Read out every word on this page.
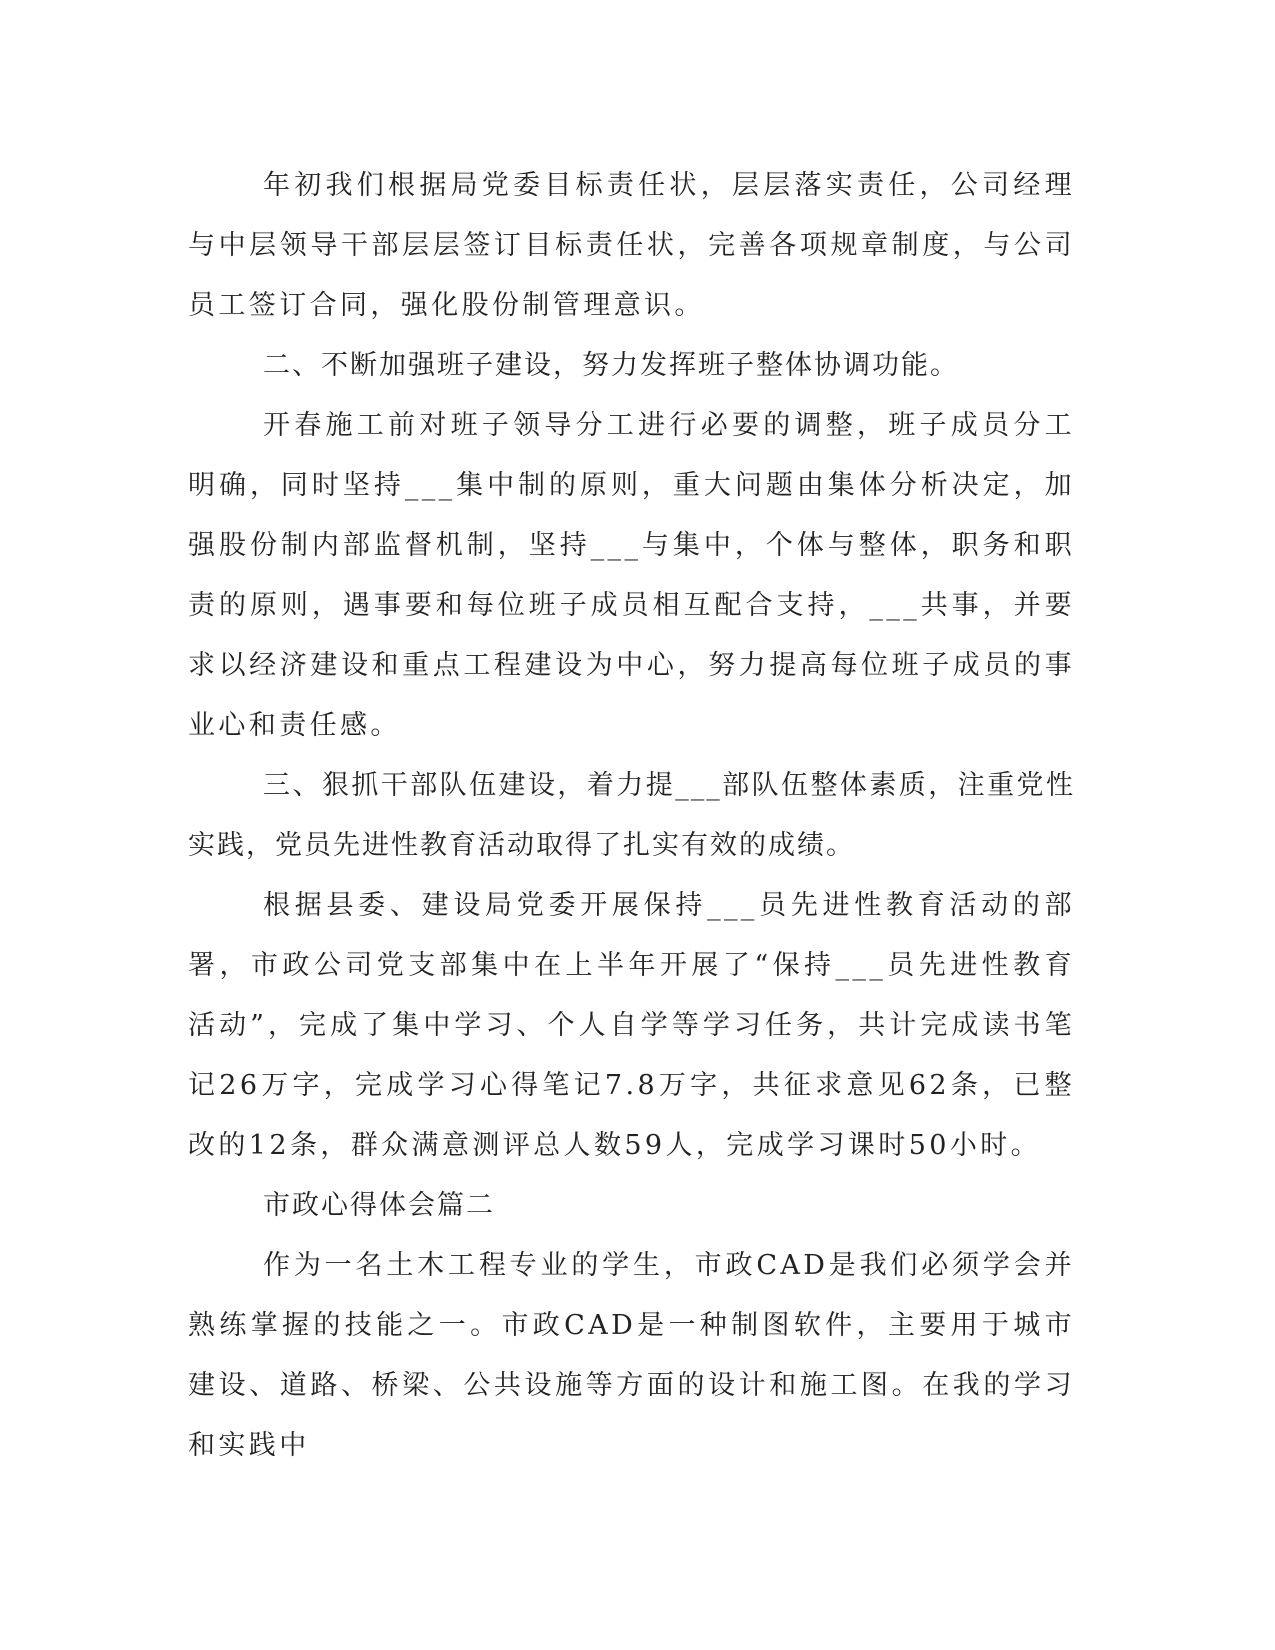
年初我们根据局党委目标责任状，层层落实责任，公司经理与中层领导干部层层签订目标责任状，完善各项规章制度，与公司员工签订合同，强化股份制管理意识。

二、不断加强班子建设，努力发挥班子整体协调功能。

开春施工前对班子领导分工进行必要的调整，班子成员分工明确，同时坚持___集中制的原则，重大问题由集体分析决定，加强股份制内部监督机制，坚持___与集中，个体与整体，职务和职责的原则，遇事要和每位班子成员相互配合支持，___共事，并要求以经济建设和重点工程建设为中心，努力提高每位班子成员的事业心和责任感。

三、狠抓干部队伍建设，着力提___部队伍整体素质，注重党性实践，党员先进性教育活动取得了扎实有效的成绩。

根据县委、建设局党委开展保持___员先进性教育活动的部署，市政公司党支部集中在上半年开展了“保持___员先进性教育活动”，完成了集中学习、个人自学等学习任务，共计完成读书笔记26万字，完成学习心得笔记7.8万字，共征求意见62条，已整改的12条，群众满意测评总人数59人，完成学习课时50小时。

市政心得体会篇二

作为一名土木工程专业的学生，市政CAD是我们必须学会并熟练掌握的技能之一。市政CAD是一种制图软件，主要用于城市建设、道路、桥梁、公共设施等方面的设计和施工图。在我的学习和实践中
